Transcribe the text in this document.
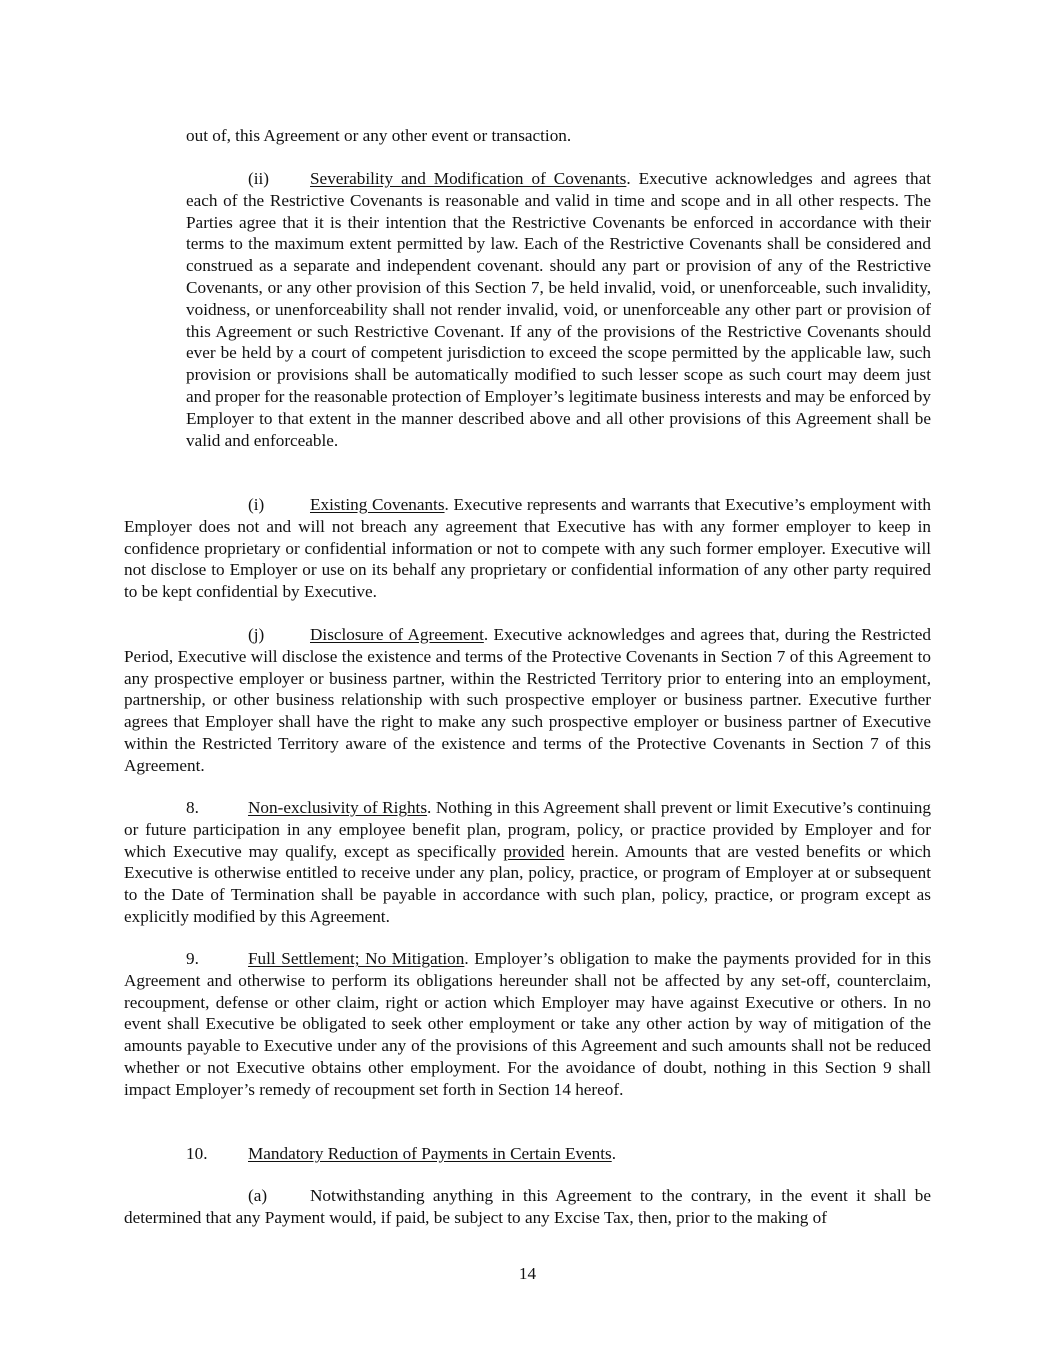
out of, this Agreement or any other event or transaction.

(ii) Severability and Modification of Covenants. Executive acknowledges and agrees that each of the Restrictive Covenants is reasonable and valid in time and scope and in all other respects. The Parties agree that it is their intention that the Restrictive Covenants be enforced in accordance with their terms to the maximum extent permitted by law. Each of the Restrictive Covenants shall be considered and construed as a separate and independent covenant. should any part or provision of any of the Restrictive Covenants, or any other provision of this Section 7, be held invalid, void, or unenforceable, such invalidity, voidness, or unenforceability shall not render invalid, void, or unenforceable any other part or provision of this Agreement or such Restrictive Covenant. If any of the provisions of the Restrictive Covenants should ever be held by a court of competent jurisdiction to exceed the scope permitted by the applicable law, such provision or provisions shall be automatically modified to such lesser scope as such court may deem just and proper for the reasonable protection of Employer’s legitimate business interests and may be enforced by Employer to that extent in the manner described above and all other provisions of this Agreement shall be valid and enforceable.

(i)	Existing Covenants. Executive represents and warrants that Executive’s employment with Employer does not and will not breach any agreement that Executive has with any former employer to keep in confidence proprietary or confidential information or not to compete with any such former employer. Executive will not disclose to Employer or use on its behalf any proprietary or confidential information of any other party required to be kept confidential by Executive.

(j)	Disclosure of Agreement. Executive acknowledges and agrees that, during the Restricted Period, Executive will disclose the existence and terms of the Protective Covenants in Section 7 of this Agreement to any prospective employer or business partner, within the Restricted Territory prior to entering into an employment, partnership, or other business relationship with such prospective employer or business partner. Executive further agrees that Employer shall have the right to make any such prospective employer or business partner of Executive within the Restricted Territory aware of the existence and terms of the Protective Covenants in Section 7 of this Agreement.

8.	Non-exclusivity of Rights. Nothing in this Agreement shall prevent or limit Executive’s continuing or future participation in any employee benefit plan, program, policy, or practice provided by Employer and for which Executive may qualify, except as specifically provided herein. Amounts that are vested benefits or which Executive is otherwise entitled to receive under any plan, policy, practice, or program of Employer at or subsequent to the Date of Termination shall be payable in accordance with such plan, policy, practice, or program except as explicitly modified by this Agreement.

9.	Full Settlement; No Mitigation. Employer’s obligation to make the payments provided for in this Agreement and otherwise to perform its obligations hereunder shall not be affected by any set-off, counterclaim, recoupment, defense or other claim, right or action which Employer may have against Executive or others. In no event shall Executive be obligated to seek other employment or take any other action by way of mitigation of the amounts payable to Executive under any of the provisions of this Agreement and such amounts shall not be reduced whether or not Executive obtains other employment. For the avoidance of doubt, nothing in this Section 9 shall impact Employer’s remedy of recoupment set forth in Section 14 hereof.

10. Mandatory Reduction of Payments in Certain Events.

(a) Notwithstanding anything in this Agreement to the contrary, in the event it shall be determined that any Payment would, if paid, be subject to any Excise Tax, then, prior to the making of

14
